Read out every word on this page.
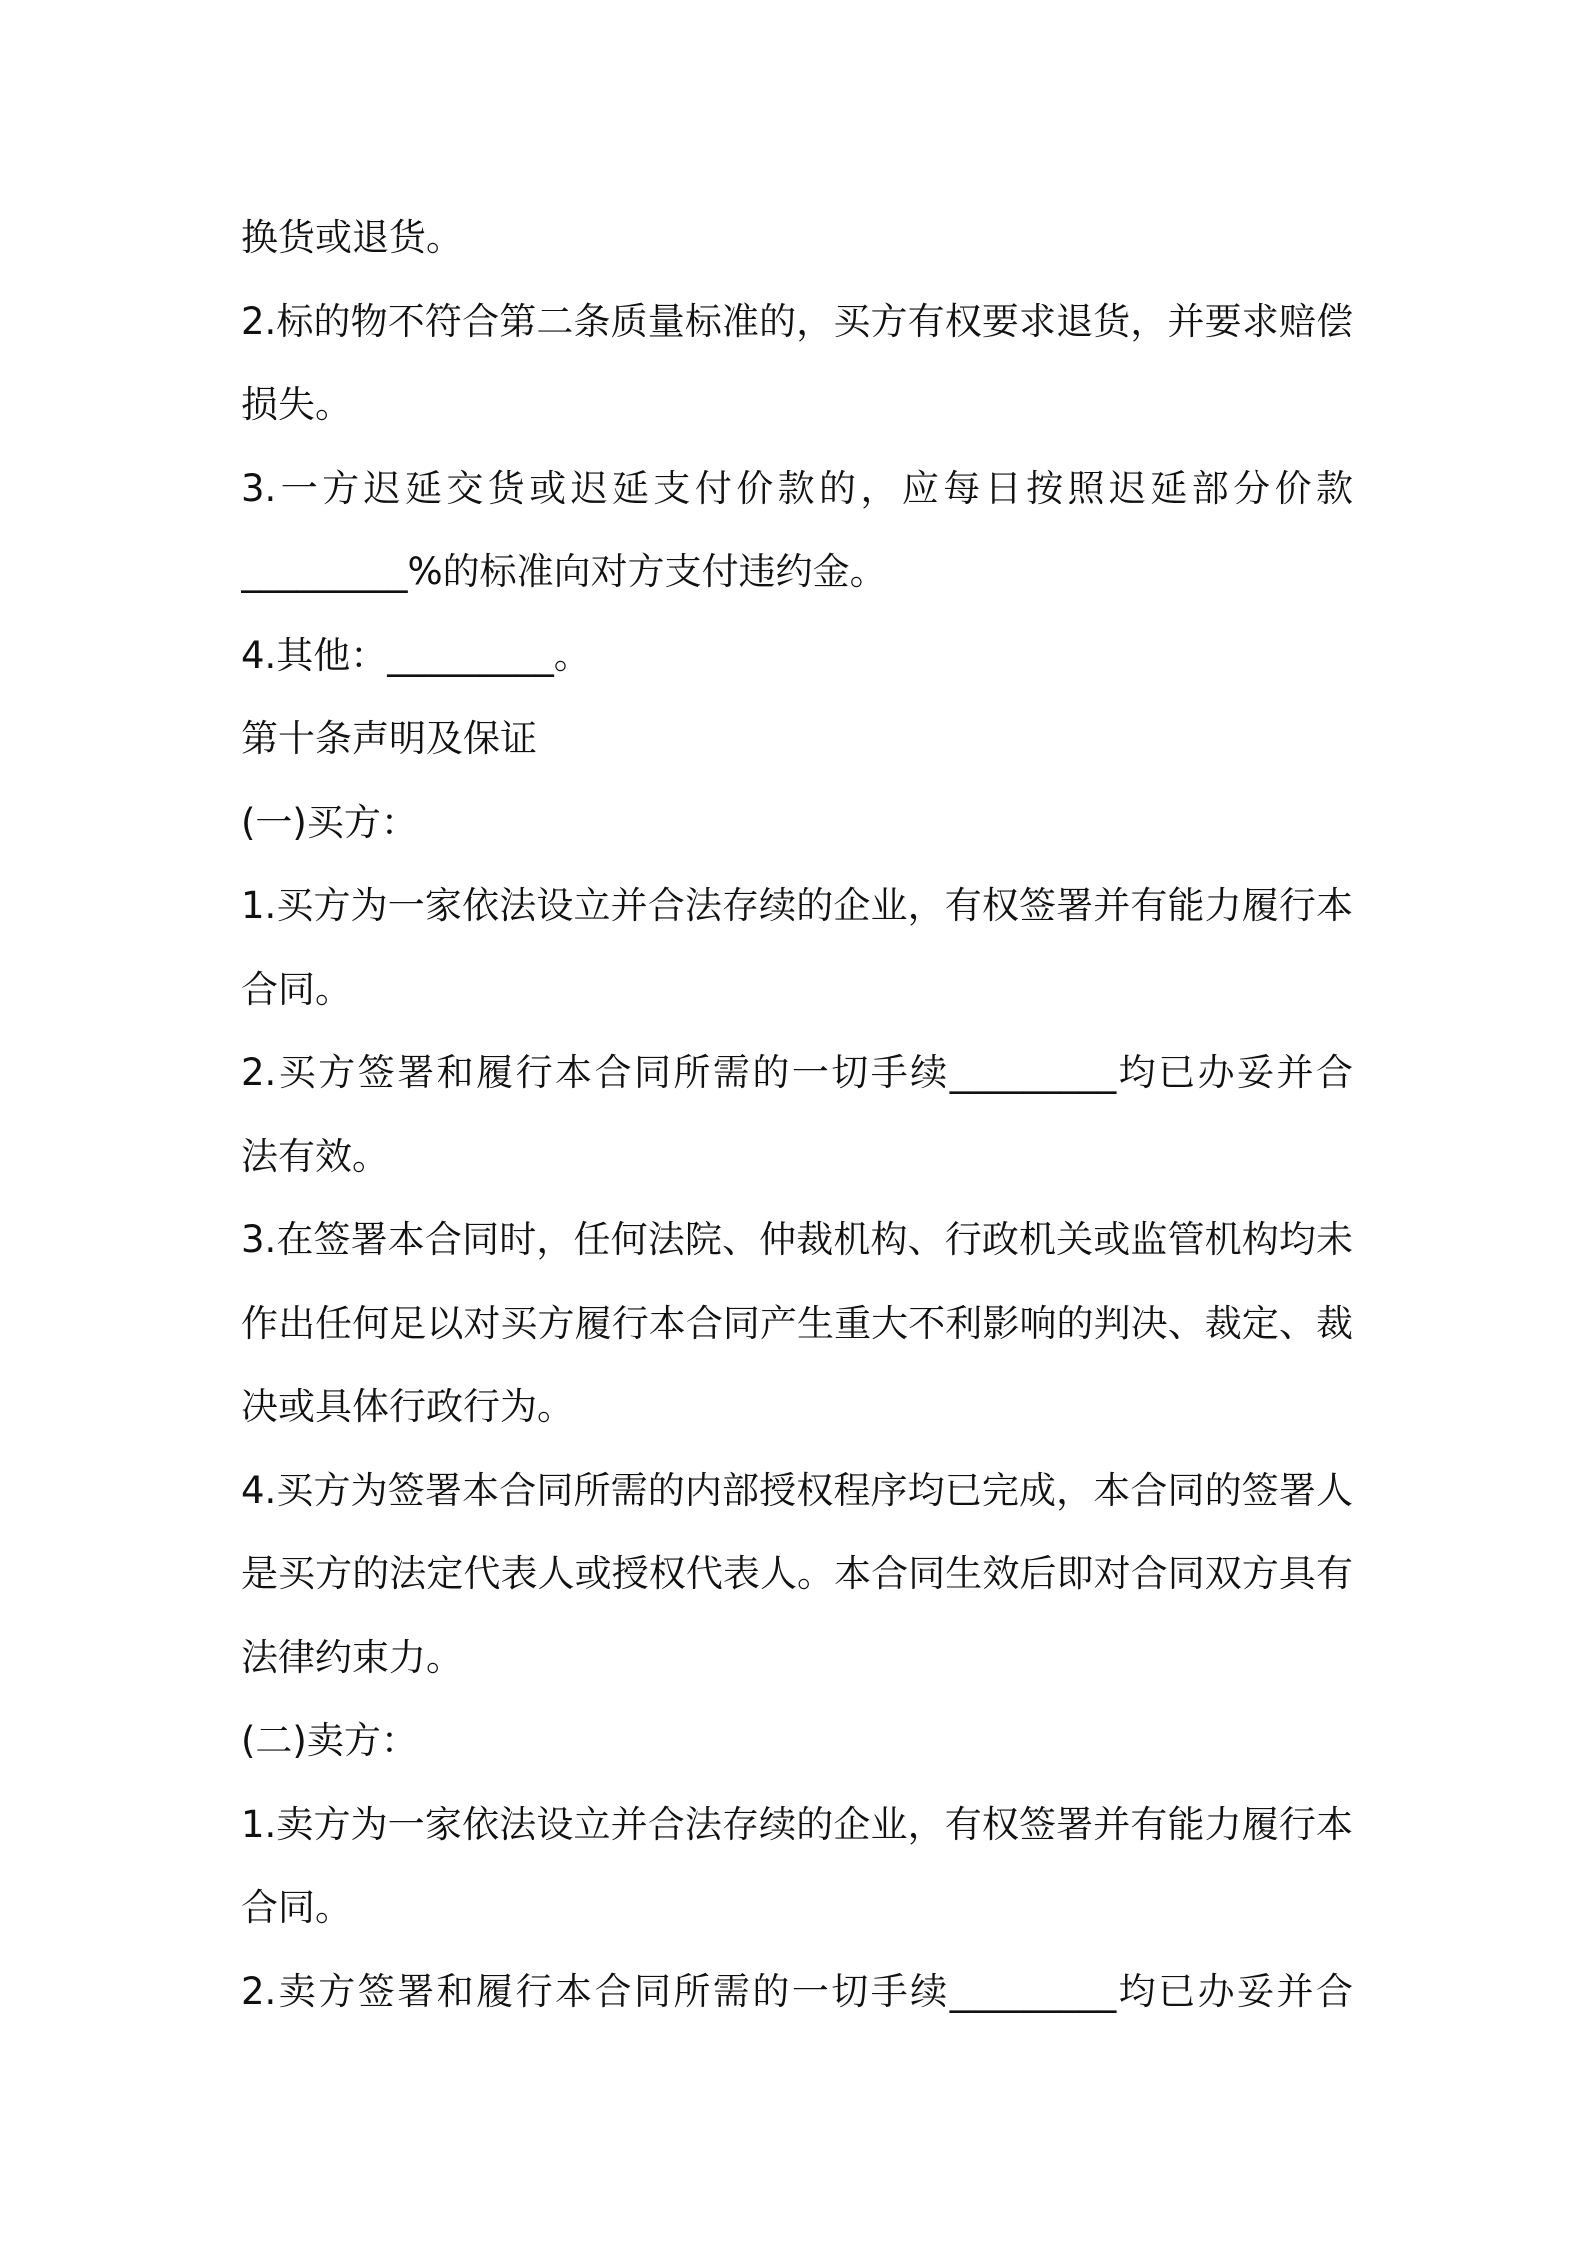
换货或退货。
2.标的物不符合第二条质量标准的，买方有权要求退货，并要求赔偿
损失。
3.一方迟延交货或迟延支付价款的，应每日按照迟延部分价款
_________%的标准向对方支付违约金。
4.其他：_________。
第十条声明及保证
(一)买方：
1.买方为一家依法设立并合法存续的企业，有权签署并有能力履行本
合同。
2.买方签署和履行本合同所需的一切手续_________均已办妥并合
法有效。
3.在签署本合同时，任何法院、仲裁机构、行政机关或监管机构均未
作出任何足以对买方履行本合同产生重大不利影响的判决、裁定、裁
决或具体行政行为。
4.买方为签署本合同所需的内部授权程序均已完成，本合同的签署人
是买方的法定代表人或授权代表人。本合同生效后即对合同双方具有
法律约束力。
(二)卖方：
1.卖方为一家依法设立并合法存续的企业，有权签署并有能力履行本
合同。
2.卖方签署和履行本合同所需的一切手续_________均已办妥并合
